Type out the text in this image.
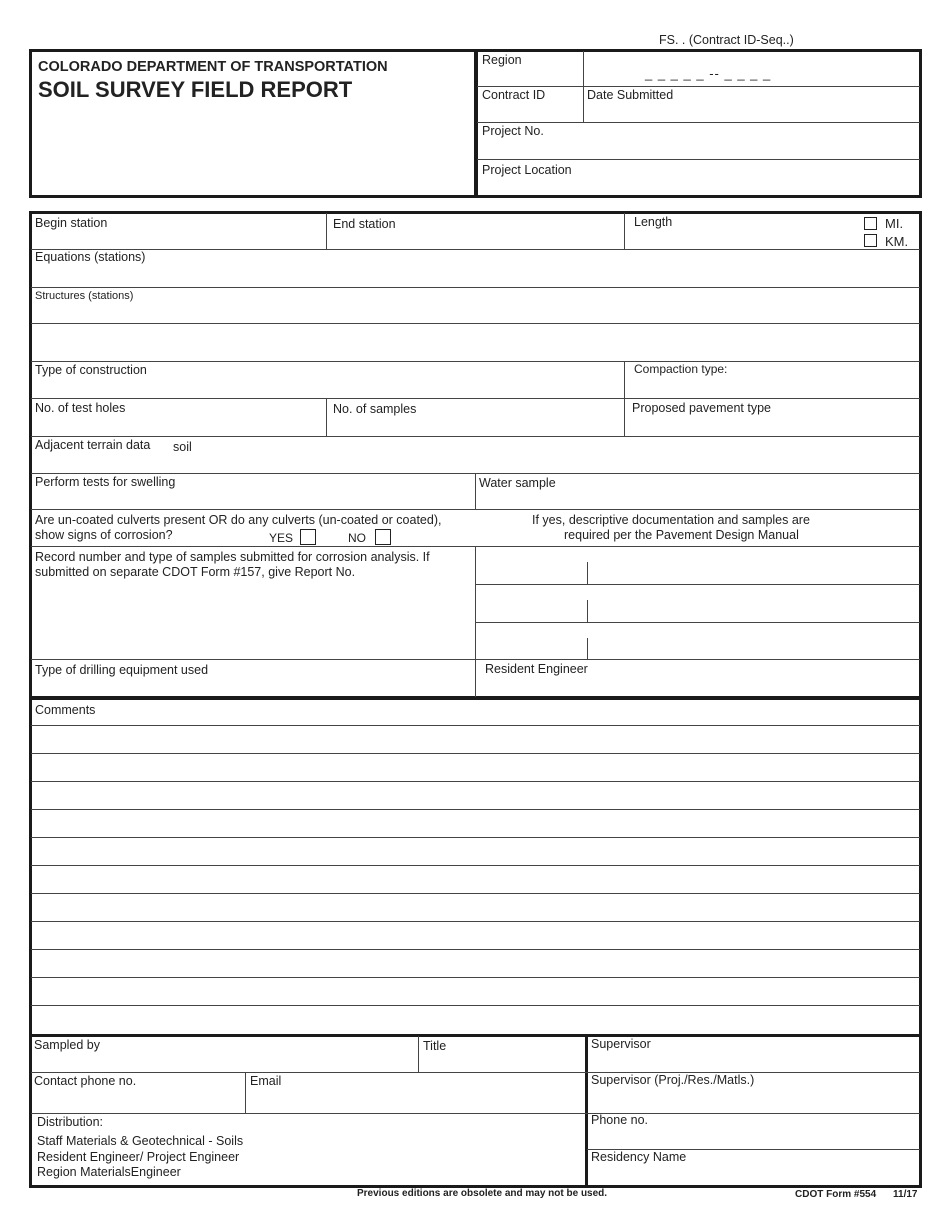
FS. . (Contract ID-Seq..)
COLORADO DEPARTMENT OF TRANSPORTATION
SOIL SURVEY FIELD REPORT
Region
_ _ _ _ _ -- _ _ _ _
Contract ID	Date Submitted
Project No.
Project Location
Begin station	End station	Length	MI.
KM.
Equations (stations)
Structures (stations)
Type of construction	Compaction type:
No. of test holes	No. of samples	Proposed pavement type
Adjacent terrain data soil
Perform tests for swelling	Water sample
Are un-coated culverts present OR do any culverts (un-coated or coated),
show signs of corrosion?	YES	NO
If yes, descriptive documentation and samples are
required per the Pavement Design Manual
Record number and type of samples submitted for corrosion analysis. If
submitted on separate CDOT Form #157, give Report No.
Type of drilling equipment used	Resident Engineer
Comments
Sampled by	Title	Supervisor
Contact phone no.	Email	Supervisor (Proj./Res./Matls.)
Distribution:
Staff Materials & Geotechnical - Soils
Resident Engineer/ Project Engineer
Region MaterialsEngineer
Phone no.
Residency Name
Previous editions are obsolete and may not be used.	CDOT Form #554 11/17
